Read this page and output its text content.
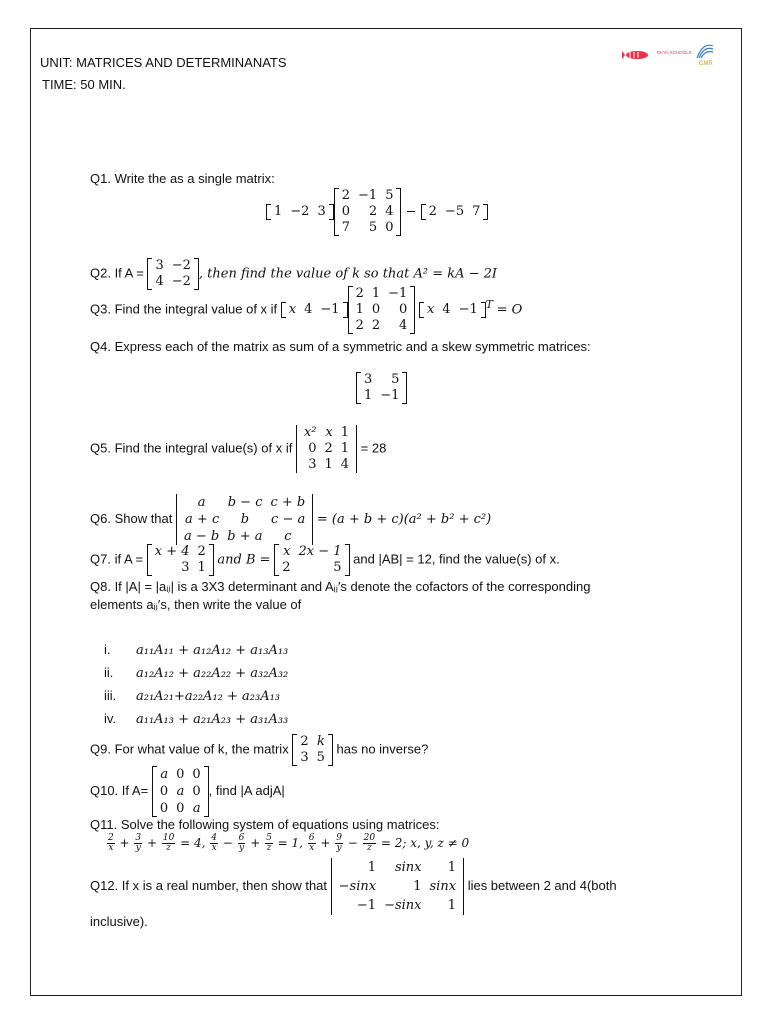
UNIT: MATRICES AND DETERMINANATS
TIME: 50 MIN.
EKYA SCHOOLS
CMR
Q1. Write the as a single matrix:
1 −2 3
2 −1 5
0	2 4
7	5 0
− 2 −5 7
Q2. If A = 3 −2
4 −2
, then find the value of k so that A² = kA − 2I
Q3. Find the integral value of x if x 4 −1
2 1 −1
1 0	0
2 2	4

x 4 −1 $^T$ = O
Q4. Express each of the matrix as sum of a symmetric and a skew symmetric matrices:
3	5
1 −1
Q5. Find the integral value(s) of x if
x² x 1
0 2 1
3 1 4
= 28
Q6. Show that
a	b − c c + b
a + c	b	c − a
a − b b + a	c
= (a + b + c)(a² + b² + c²)
Q7. if A = x + 4 2
3 1
and B =
x 2x − 1
2	5
and |AB| = 12, find the value(s) of x.
Q8. If |A| = |aᵢⱼ| is a 3X3 determinant and Aᵢⱼ′s denote the cofactors of the corresponding
elements aᵢⱼ′s, then write the value of
i. a₁₁A₁₁ + a₁₂A₁₂ + a₁₃A₁₃
ii. a₁₂A₁₂ + a₂₂A₂₂ + a₃₂A₃₂
iii. a₂₁A₂₁+a₂₂A₁₂ + a₂₃A₁₃
iv. a₁₁A₁₃ + a₂₁A₂₃ + a₃₁A₃₃
Q9. For what value of k, the matrix 2 k
3 5
has no inverse?
Q10. If A=
a 0 0
0 a 0
0 0 a
, find |A adjA|
Q11. Solve the following system of equations using matrices:
$\frac{2}{x} + \frac{3}{y} + \frac{10}{z} = 4$, $\frac{4}{x} - \frac{6}{y} + \frac{5}{z} = 1$, $\frac{6}{x} + \frac{9}{y} - \frac{20}{z} = 2$; x, y, z ≠ 0
Q12. If x is a real number, then show that
1	sinx	1
−sinx	1 sinx
−1 −sinx	1
lies between 2 and 4(both
inclusive).
